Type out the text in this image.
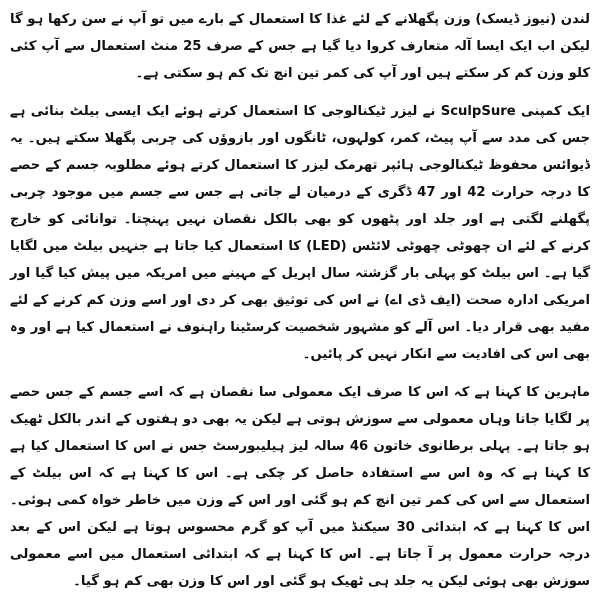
لندن (نیوز ڈیسک) وزن پگھلانے کے لئے غذا کا استعمال کے بارے میں تو آپ نے سن رکھا ہو گا لیکن اب ایک ایسا آلہ متعارف کروا دیا گیا ہے جس کے صرف 25 منٹ استعمال سے آپ کئی کلو وزن کم کر سکتے ہیں اور آپ کی کمر تین انچ تک کم ہو سکتی ہے۔

ایک کمپنی SculpSure نے لیزر ٹیکنالوجی کا استعمال کرتے ہوئے ایک ایسی بیلٹ بنائی ہے جس کی مدد سے آپ پیٹ، کمر، کولہوں، ٹانگوں اور بازوؤں کی چربی پگھلا سکتے ہیں۔ یہ ڈیوائس محفوظ ٹیکنالوجی ہائپر تھرمک لیزر کا استعمال کرتے ہوئے مطلوبہ جسم کے حصے کا درجہ حرارت 42 اور 47 ڈگری کے درمیان لے جاتی ہے جس سے جسم میں موجود چربی پگھلنے لگتی ہے اور جلد اور پٹھوں کو بھی بالکل نقصان نہیں پہنچتا۔ توانائی کو خارج کرنے کے لئے ان چھوٹی چھوٹی لائٹس (LED) کا استعمال کیا جاتا ہے جنہیں بیلٹ میں لگایا گیا ہے۔ اس بیلٹ کو پہلی بار گزشتہ سال اپریل کے مہینے میں امریکہ میں پیش کیا گیا اور امریکی ادارہ صحت (ایف ڈی اے) نے اس کی توثیق بھی کر دی اور اسے وزن کم کرنے کے لئے مفید بھی قرار دیا۔ اس آلے کو مشہور شخصیت کرسٹینا راہنوف نے استعمال کیا ہے اور وہ بھی اس کی افادیت سے انکار نہیں کر پائیں۔

ماہرین کا کہنا ہے کہ اس کا صرف ایک معمولی سا نقصان ہے کہ اسے جسم کے جس حصے پر لگایا جاتا وہاں معمولی سے سوزش ہوتی ہے لیکن یہ بھی دو ہفتوں کے اندر بالکل ٹھیک ہو جاتا ہے۔ پہلی برطانوی خاتون 46 سالہ لیز ہیلیبورسٹ جس نے اس کا استعمال کیا ہے کا کہنا ہے کہ وہ اس سے استفادہ حاصل کر چکی ہے۔ اس کا کہنا ہے کہ اس بیلٹ کے استعمال سے اس کی کمر تین انچ کم ہو گئی اور اس کے وزن میں خاطر خواہ کمی ہوئی۔ اس کا کہنا ہے کہ ابتدائی 30 سیکنڈ میں آپ کو گرم محسوس ہوتا ہے لیکن اس کے بعد درجہ حرارت معمول پر آ جاتا ہے۔ اس کا کہنا ہے کہ ابتدائی استعمال میں اسے معمولی سوزش بھی ہوئی لیکن یہ جلد ہی ٹھیک ہو گئی اور اس کا وزن بھی کم ہو گیا۔
